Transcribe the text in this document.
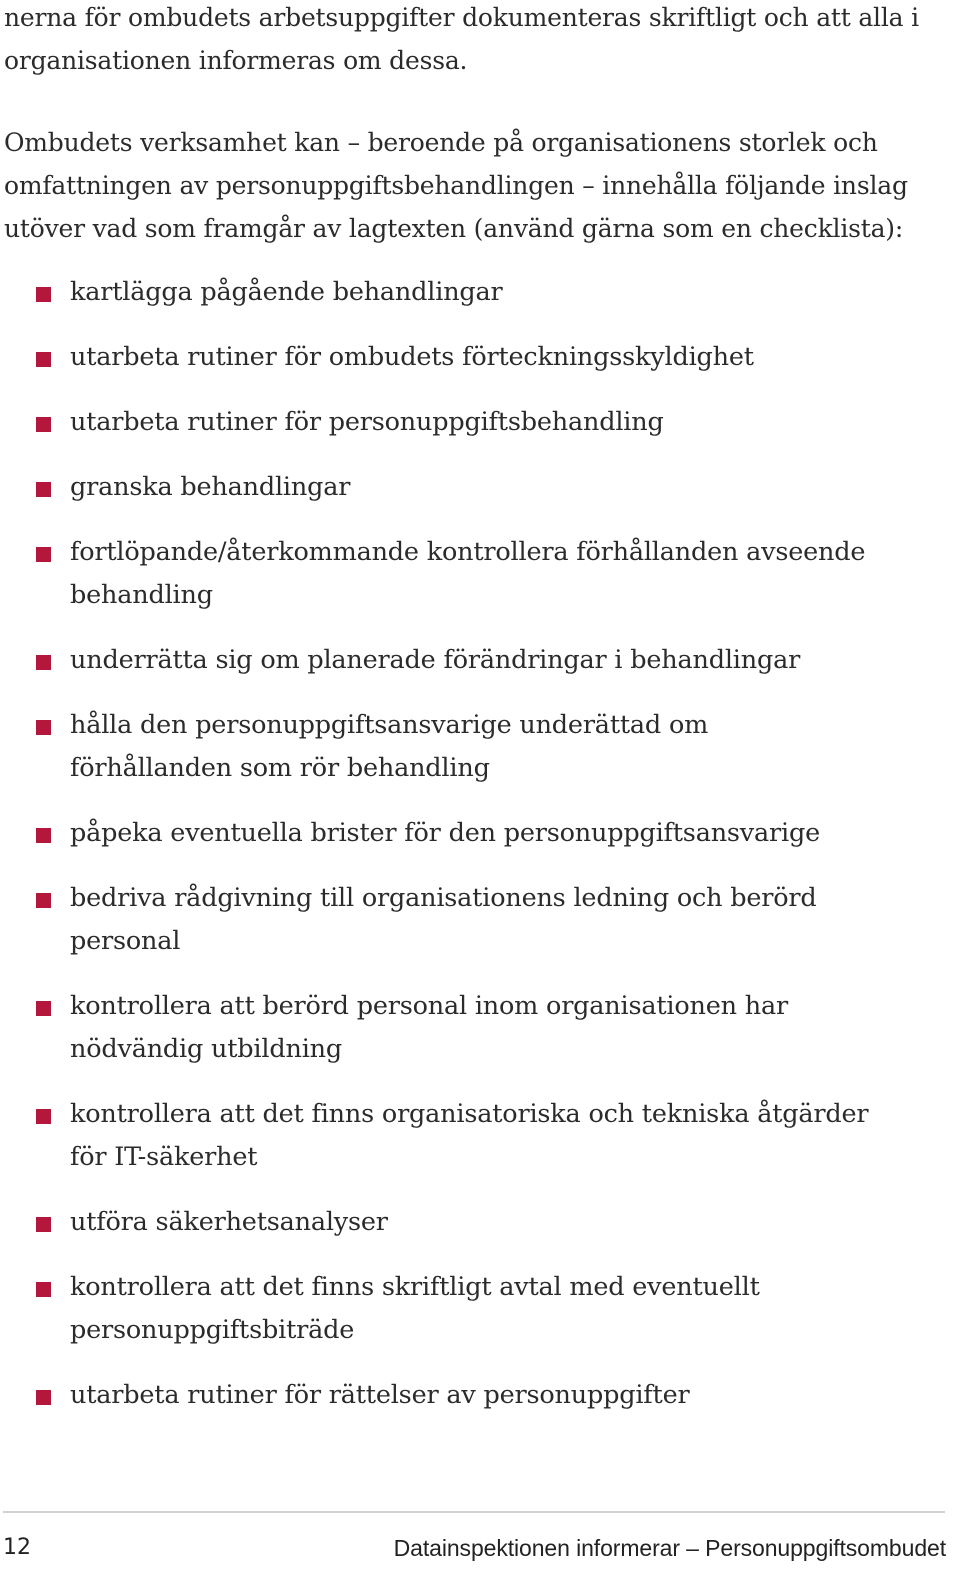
nerna för ombudets arbetsuppgifter dokumenteras skriftligt och att alla i organisationen informeras om dessa.

Ombudets verksamhet kan – beroende på organisationens storlek och omfattningen av personuppgiftsbehandlingen – innehålla följande inslag utöver vad som framgår av lagtexten (använd gärna som en checklista):

kartlägga pågående behandlingar
utarbeta rutiner för ombudets förteckningsskyldighet
utarbeta rutiner för personuppgiftsbehandling
granska behandlingar
fortlöpande/återkommande kontrollera förhållanden avseende behandling
underrätta sig om planerade förändringar i behandlingar
hålla den personuppgiftsansvarige underättad om förhållanden som rör behandling
påpeka eventuella brister för den personuppgiftsansvarige
bedriva rådgivning till organisationens ledning och berörd personal
kontrollera att berörd personal inom organisationen har nödvändig utbildning
kontrollera att det finns organisatoriska och tekniska åtgärder för IT-säkerhet
utföra säkerhetsanalyser
kontrollera att det finns skriftligt avtal med eventuellt personuppgiftsbiträde
utarbeta rutiner för rättelser av personuppgifter
12	Datainspektionen informerar – Personuppgiftsombudet
